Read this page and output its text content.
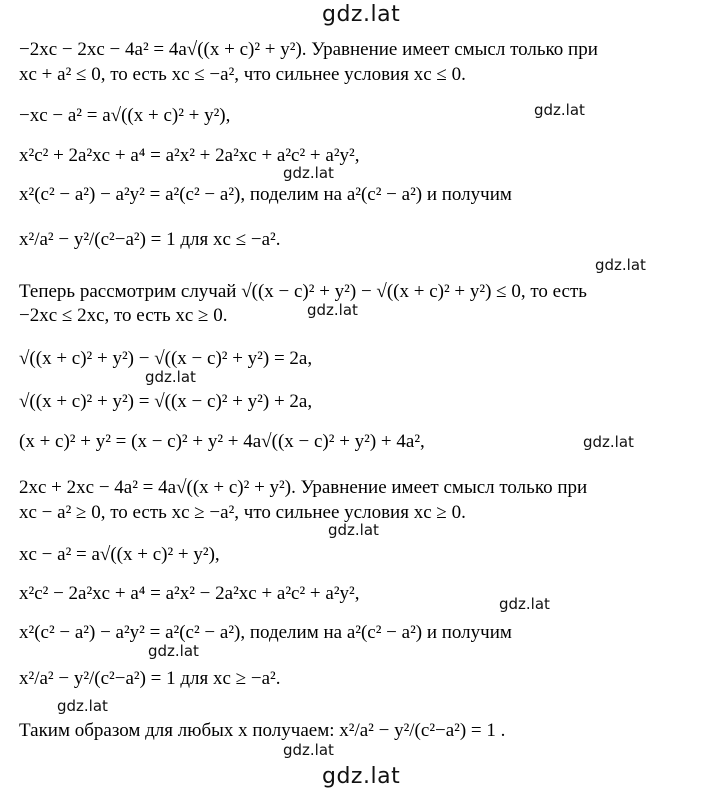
gdz.lat
−2xc − 2xc − 4a² = 4a√((x + c)² + y²). Уравнение имеет смысл только при
xc + a² ≤ 0, то есть xc ≤ −a², что сильнее условия xc ≤ 0.
−xc − a² = a√((x + c)² + y²),
x²c² + 2a²xc + a⁴ = a²x² + 2a²xc + a²c² + a²y²,
x²(c² − a²) − a²y² = a²(c² − a²), поделим на a²(c² − a²) и получим
x²/a² − y²/(c²−a²) = 1 для xc ≤ −a².
Теперь рассмотрим случай √((x − c)² + y²) − √((x + c)² + y²) ≤ 0, то есть
−2xc ≤ 2xc, то есть xc ≥ 0.
√((x + c)² + y²) − √((x − c)² + y²) = 2a,
√((x + c)² + y²) = √((x − c)² + y²) + 2a,
(x + c)² + y² = (x − c)² + y² + 4a√((x − c)² + y²) + 4a²,
2xc + 2xc − 4a² = 4a√((x + c)² + y²). Уравнение имеет смысл только при
xc − a² ≥ 0, то есть xc ≥ −a², что сильнее условия xc ≥ 0.
xc − a² = a√((x + c)² + y²),
x²c² − 2a²xc + a⁴ = a²x² − 2a²xc + a²c² + a²y²,
x²(c² − a²) − a²y² = a²(c² − a²), поделим на a²(c² − a²) и получим
x²/a² − y²/(c²−a²) = 1 для xc ≥ −a².
Таким образом для любых x получаем: x²/a² − y²/(c²−a²) = 1 .
gdz.lat
gdz.lat
gdz.lat
gdz.lat
gdz.lat
gdz.lat
gdz.lat
gdz.lat
gdz.lat
gdz.lat
gdz.lat
gdz.lat
